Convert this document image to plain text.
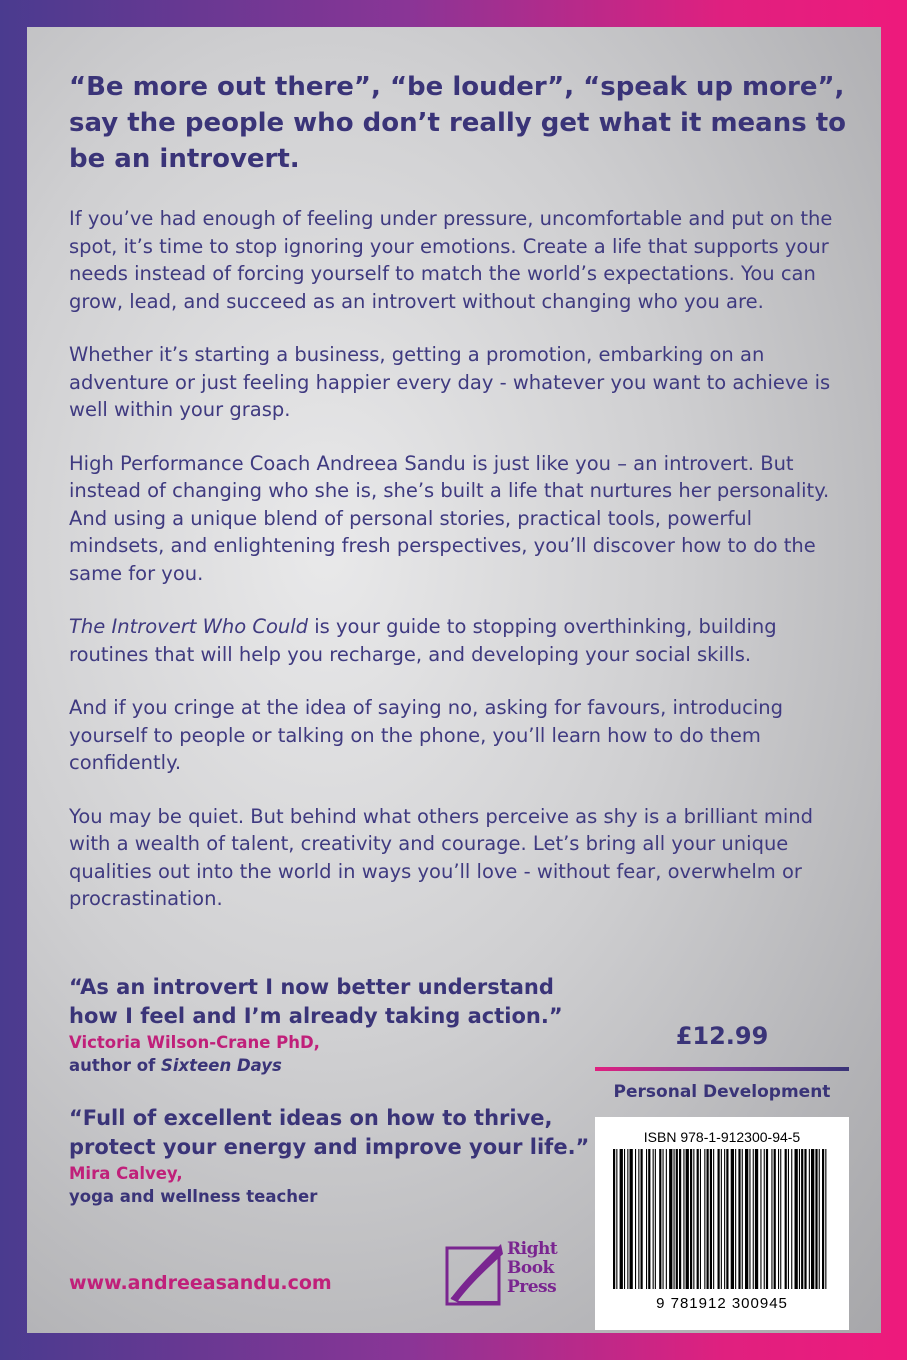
“Be more out there”, “be louder”, “speak up more”, say the people who don’t really get what it means to be an introvert.

If you’ve had enough of feeling under pressure, uncomfortable and put on the spot, it’s time to stop ignoring your emotions. Create a life that supports your needs instead of forcing yourself to match the world’s expectations. You can grow, lead, and succeed as an introvert without changing who you are.

Whether it’s starting a business, getting a promotion, embarking on an adventure or just feeling happier every day - whatever you want to achieve is well within your grasp.

High Performance Coach Andreea Sandu is just like you – an introvert. But instead of changing who she is, she’s built a life that nurtures her personality. And using a unique blend of personal stories, practical tools, powerful mindsets, and enlightening fresh perspectives, you’ll discover how to do the same for you.

The Introvert Who Could is your guide to stopping overthinking, building routines that will help you recharge, and developing your social skills.

And if you cringe at the idea of saying no, asking for favours, introducing yourself to people or talking on the phone, you’ll learn how to do them confidently.

You may be quiet. But behind what others perceive as shy is a brilliant mind with a wealth of talent, creativity and courage. Let’s bring all your unique qualities out into the world in ways you’ll love - without fear, overwhelm or procrastination.

“As an introvert I now better understand how I feel and I’m already taking action.”
Victoria Wilson-Crane PhD,
author of Sixteen Days
“Full of excellent ideas on how to thrive, protect your energy and improve your life.”
Mira Calvey,
yoga and wellness teacher
www.andreeasandu.com
Right
Book
Press
£12.99
Personal Development
ISBN 978-1-912300-94-5
9 781912 300945
